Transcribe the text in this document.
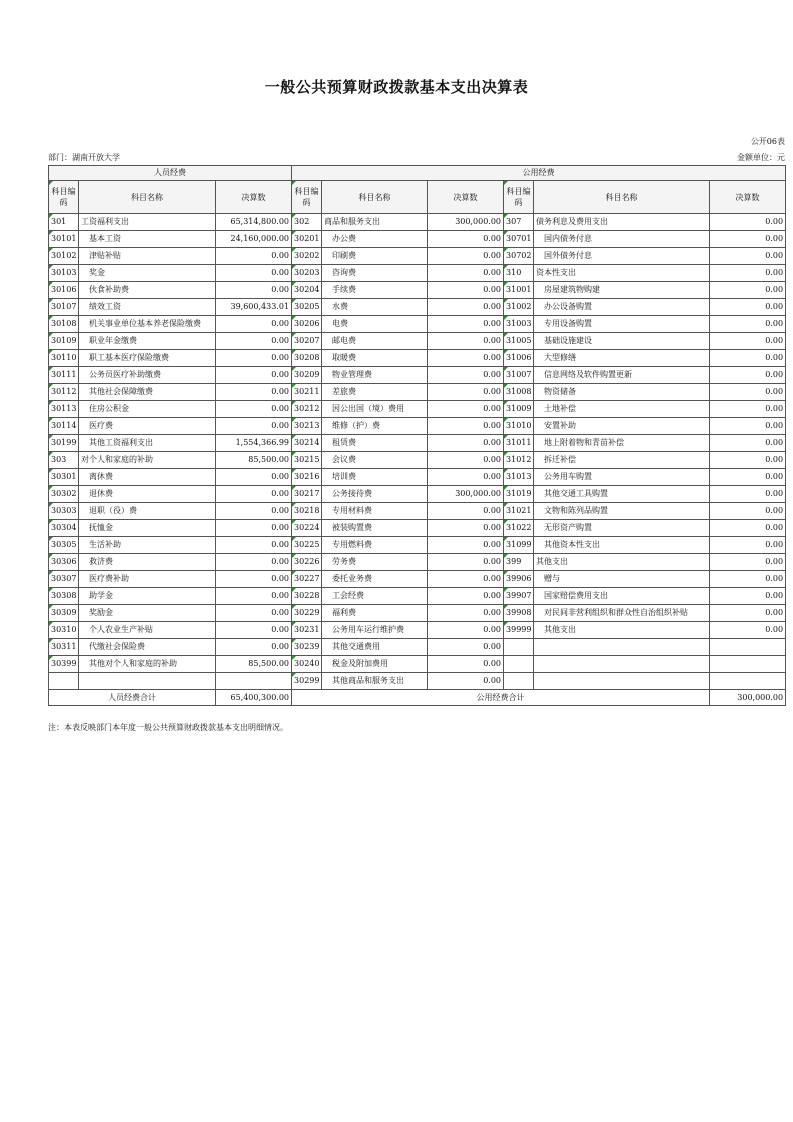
一般公共预算财政拨款基本支出决算表
公开06表
部门：湖南开放大学	金额单位：元
人员经费			公用经费					
科目编码	科目名称	决算数	科目编码	科目名称	决算数	科目编码	科目名称	决算数
301	工资福利支出	65,314,800.00	302	商品和服务支出	300,000.00	307	债务利息及费用支出	0.00
30101	基本工资	24,160,000.00	30201	办公费	0.00	30701	国内债务付息	0.00
30102	津贴补贴	0.00	30202	印刷费	0.00	30702	国外债务付息	0.00
30103	奖金	0.00	30203	咨询费	0.00	310	资本性支出	0.00
30106	伙食补助费	0.00	30204	手续费	0.00	31001	房屋建筑物购建	0.00
30107	绩效工资	39,600,433.01	30205	水费	0.00	31002	办公设备购置	0.00
30108	机关事业单位基本养老保险缴费	0.00	30206	电费	0.00	31003	专用设备购置	0.00
30109	职业年金缴费	0.00	30207	邮电费	0.00	31005	基础设施建设	0.00
30110	职工基本医疗保险缴费	0.00	30208	取暖费	0.00	31006	大型修缮	0.00
30111	公务员医疗补助缴费	0.00	30209	物业管理费	0.00	31007	信息网络及软件购置更新	0.00
30112	其他社会保障缴费	0.00	30211	差旅费	0.00	31008	物资储备	0.00
30113	住房公积金	0.00	30212	因公出国（境）费用	0.00	31009	土地补偿	0.00
30114	医疗费	0.00	30213	维修（护）费	0.00	31010	安置补助	0.00
30199	其他工资福利支出	1,554,366.99	30214	租赁费	0.00	31011	地上附着物和青苗补偿	0.00
303	对个人和家庭的补助	85,500.00	30215	会议费	0.00	31012	拆迁补偿	0.00
30301	离休费	0.00	30216	培训费	0.00	31013	公务用车购置	0.00
30302	退休费	0.00	30217	公务接待费	300,000.00	31019	其他交通工具购置	0.00
30303	退职（役）费	0.00	30218	专用材料费	0.00	31021	文物和陈列品购置	0.00
30304	抚恤金	0.00	30224	被装购置费	0.00	31022	无形资产购置	0.00
30305	生活补助	0.00	30225	专用燃料费	0.00	31099	其他资本性支出	0.00
30306	救济费	0.00	30226	劳务费	0.00	399	其他支出	0.00
30307	医疗费补助	0.00	30227	委托业务费	0.00	39906	赠与	0.00
30308	助学金	0.00	30228	工会经费	0.00	39907	国家赔偿费用支出	0.00
30309	奖励金	0.00	30229	福利费	0.00	39908	对民间非营利组织和群众性自治组织补贴	0.00
30310	个人农业生产补贴	0.00	30231	公务用车运行维护费	0.00	39999	其他支出	0.00
30311	代缴社会保险费	0.00	30239	其他交通费用	0.00			
30399	其他对个人和家庭的补助	85,500.00	30240	税金及附加费用	0.00			
			30299	其他商品和服务支出	0.00			
人员经费合计		65,400,300.00	公用经费合计					300,000.00
注：本表反映部门本年度一般公共预算财政拨款基本支出明细情况。
